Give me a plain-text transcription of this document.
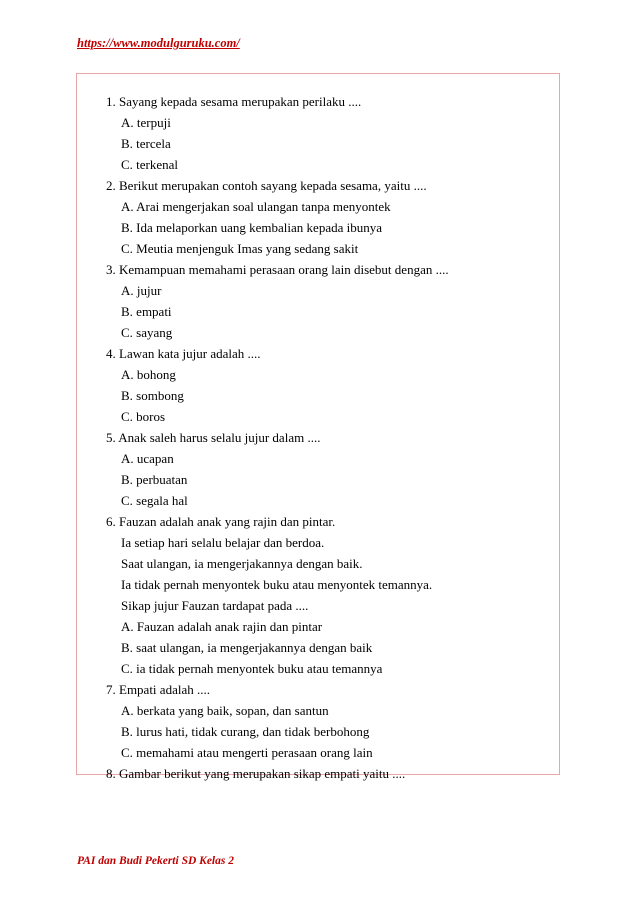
https://www.modulguruku.com/
1. Sayang kepada sesama merupakan perilaku ....
A. terpuji
B. tercela
C. terkenal
2. Berikut merupakan contoh sayang kepada sesama, yaitu ....
A. Arai mengerjakan soal ulangan tanpa menyontek
B. Ida melaporkan uang kembalian kepada ibunya
C. Meutia menjenguk Imas yang sedang sakit
3. Kemampuan memahami perasaan orang lain disebut dengan ....
A. jujur
B. empati
C. sayang
4. Lawan kata jujur adalah ....
A. bohong
B. sombong
C. boros
5. Anak saleh harus selalu jujur dalam ....
A. ucapan
B. perbuatan
C. segala hal
6. Fauzan adalah anak yang rajin dan pintar.
Ia setiap hari selalu belajar dan berdoa.
Saat ulangan, ia mengerjakannya dengan baik.
Ia tidak pernah menyontek buku atau menyontek temannya.
Sikap jujur Fauzan tardapat pada ....
A. Fauzan adalah anak rajin dan pintar
B. saat ulangan, ia mengerjakannya dengan baik
C. ia tidak pernah menyontek buku atau temannya
7. Empati adalah ....
A. berkata yang baik, sopan, dan santun
B. lurus hati, tidak curang, dan tidak berbohong
C. memahami atau mengerti perasaan orang lain
8. Gambar berikut yang merupakan sikap empati yaitu ....
PAI dan Budi Pekerti SD Kelas 2
